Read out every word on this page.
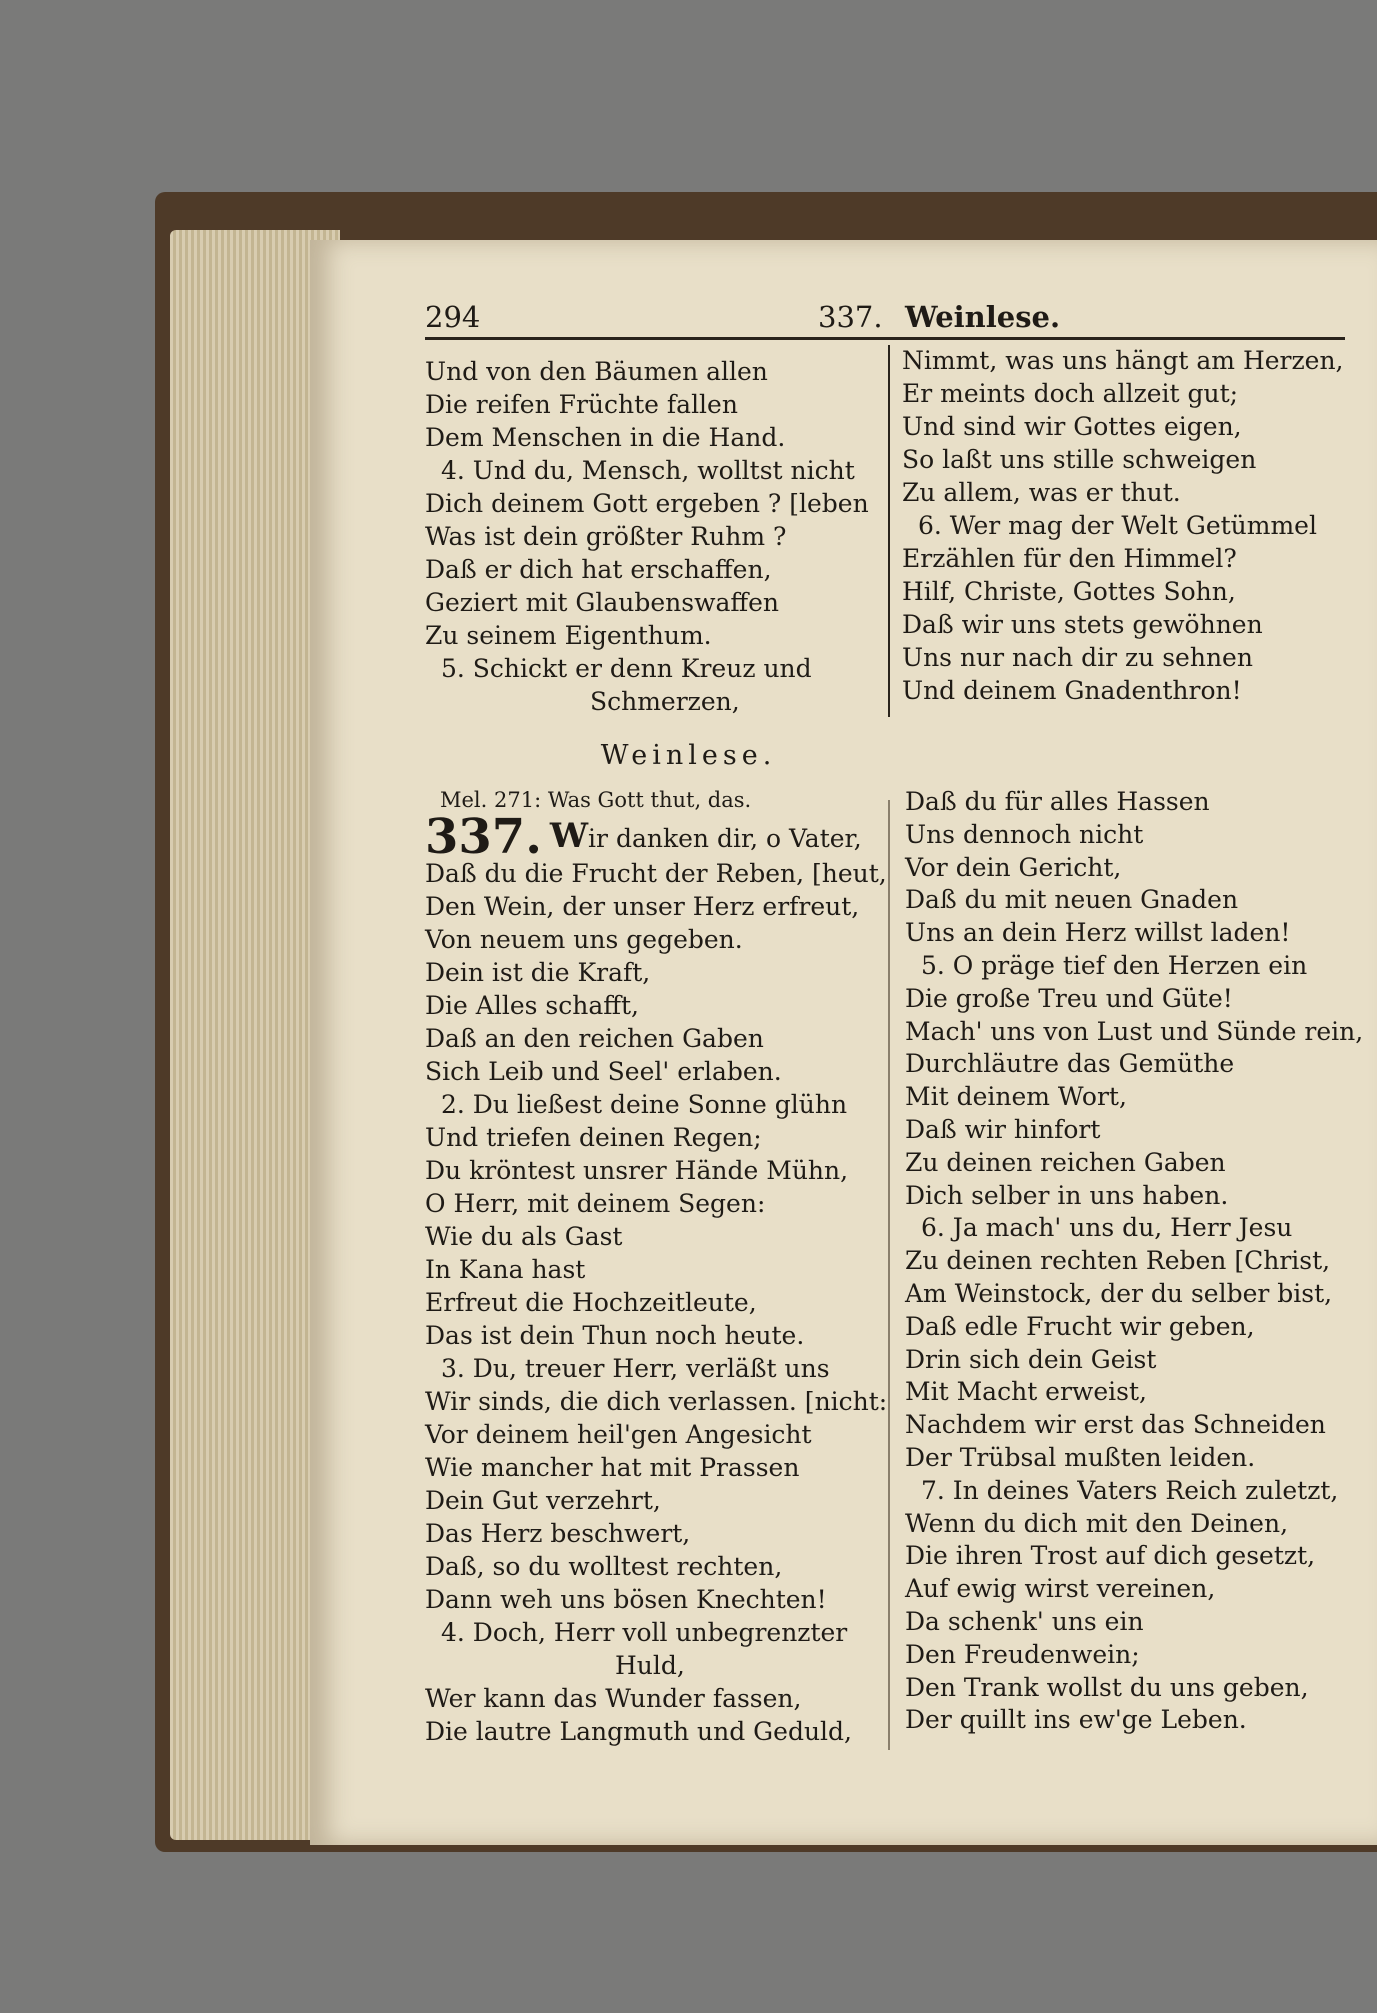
294	337. Weinlese.
Und von den Bäumen allen
Die reifen Früchte fallen
Dem Menschen in die Hand.
4. Und du, Mensch, wolltst nicht
Dich deinem Gott ergeben ? [leben
Was ist dein größter Ruhm ?
Daß er dich hat erschaffen,
Geziert mit Glaubenswaffen
Zu seinem Eigenthum.
5. Schickt er denn Kreuz und
Schmerzen,
Nimmt, was uns hängt am Herzen,
Er meints doch allzeit gut;
Und sind wir Gottes eigen,
So laßt uns stille schweigen
Zu allem, was er thut.
6. Wer mag der Welt Getümmel
Erzählen für den Himmel?
Hilf, Christe, Gottes Sohn,
Daß wir uns stets gewöhnen
Uns nur nach dir zu sehnen
Und deinem Gnadenthron!
Weinlese.
Mel. 271: Was Gott thut, das.
337. Wir danken dir, o Vater,
Daß du die Frucht der Reben, [heut,
Den Wein, der unser Herz erfreut,
Von neuem uns gegeben.
Dein ist die Kraft,
Die Alles schafft,
Daß an den reichen Gaben
Sich Leib und Seel' erlaben.
2. Du ließest deine Sonne glühn
Und triefen deinen Regen;
Du kröntest unsrer Hände Mühn,
O Herr, mit deinem Segen:
Wie du als Gast
In Kana hast
Erfreut die Hochzeitleute,
Das ist dein Thun noch heute.
3. Du, treuer Herr, verläßt uns
Wir sinds, die dich verlassen. [nicht:
Vor deinem heil'gen Angesicht
Wie mancher hat mit Prassen
Dein Gut verzehrt,
Das Herz beschwert,
Daß, so du wolltest rechten,
Dann weh uns bösen Knechten!
4. Doch, Herr voll unbegrenzter
Huld,
Wer kann das Wunder fassen,
Die lautre Langmuth und Geduld,
Daß du für alles Hassen
Uns dennoch nicht
Vor dein Gericht,
Daß du mit neuen Gnaden
Uns an dein Herz willst laden!
5. O präge tief den Herzen ein
Die große Treu und Güte!
Mach' uns von Lust und Sünde rein,
Durchläutre das Gemüthe
Mit deinem Wort,
Daß wir hinfort
Zu deinen reichen Gaben
Dich selber in uns haben.
6. Ja mach' uns du, Herr Jesu
Zu deinen rechten Reben [Christ,
Am Weinstock, der du selber bist,
Daß edle Frucht wir geben,
Drin sich dein Geist
Mit Macht erweist,
Nachdem wir erst das Schneiden
Der Trübsal mußten leiden.
7. In deines Vaters Reich zuletzt,
Wenn du dich mit den Deinen,
Die ihren Trost auf dich gesetzt,
Auf ewig wirst vereinen,
Da schenk' uns ein
Den Freudenwein;
Den Trank wollst du uns geben,
Der quillt ins ew'ge Leben.
